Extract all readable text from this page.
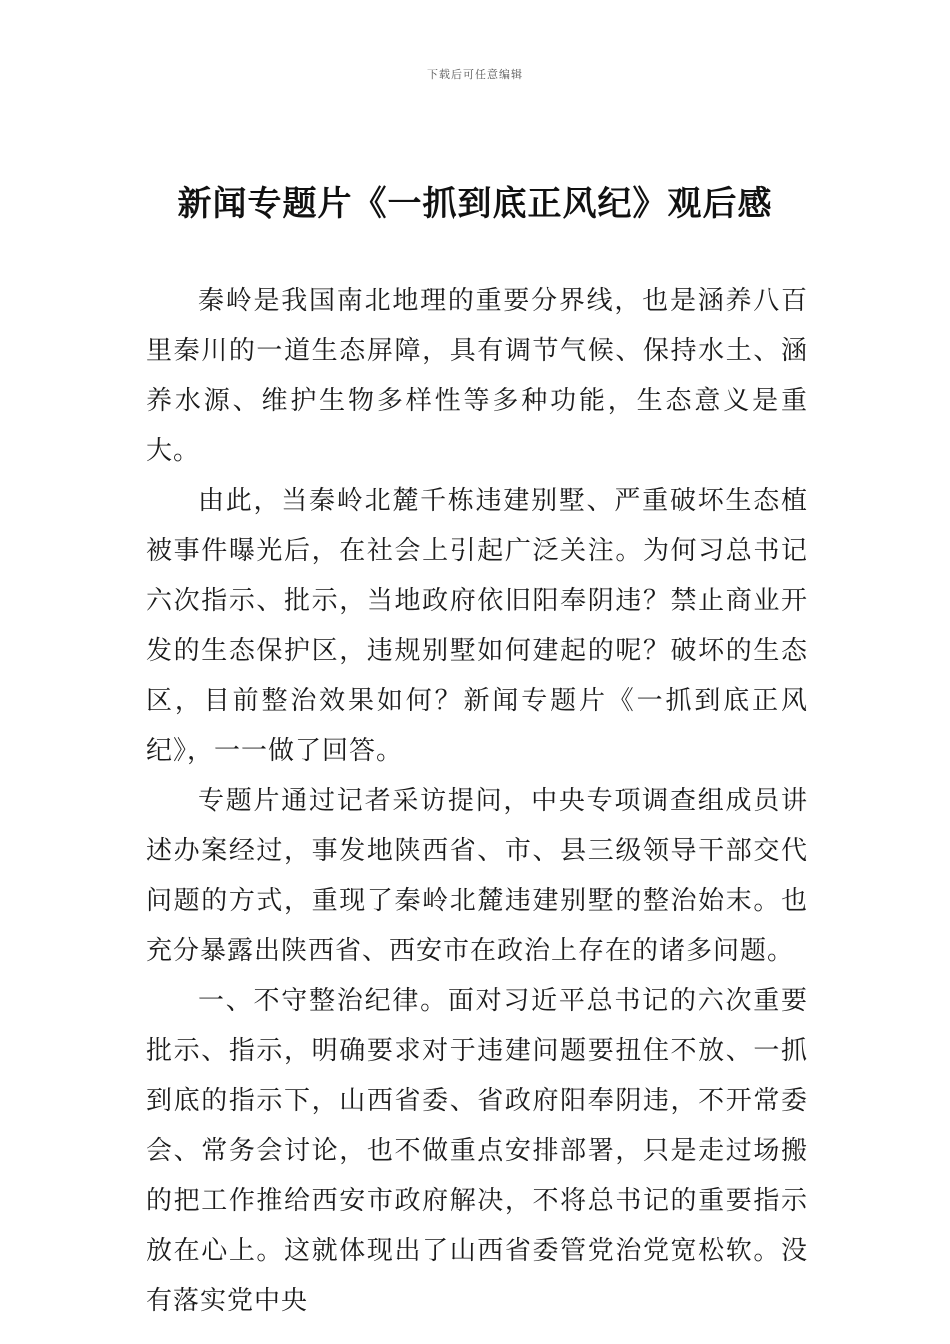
下载后可任意编辑
新闻专题片《一抓到底正风纪》观后感

秦岭是我国南北地理的重要分界线，也是涵养八百里秦川的一道生态屏障，具有调节气候、保持水土、涵养水源、维护生物多样性等多种功能，生态意义是重大。

由此，当秦岭北麓千栋违建别墅、严重破坏生态植被事件曝光后，在社会上引起广泛关注。为何习总书记六次指示、批示，当地政府依旧阳奉阴违？禁止商业开发的生态保护区，违规别墅如何建起的呢？破坏的生态区，目前整治效果如何？新闻专题片《一抓到底正风纪》，一一做了回答。

专题片通过记者采访提问，中央专项调查组成员讲述办案经过，事发地陕西省、市、县三级领导干部交代问题的方式，重现了秦岭北麓违建别墅的整治始末。也充分暴露出陕西省、西安市在政治上存在的诸多问题。

一、不守整治纪律。面对习近平总书记的六次重要批示、指示，明确要求对于违建问题要扭住不放、一抓到底的指示下，山西省委、省政府阳奉阴违，不开常委会、常务会讨论，也不做重点安排部署，只是走过场搬的把工作推给西安市政府解决，不将总书记的重要指示放在心上。这就体现出了山西省委管党治党宽松软。没有落实党中央
